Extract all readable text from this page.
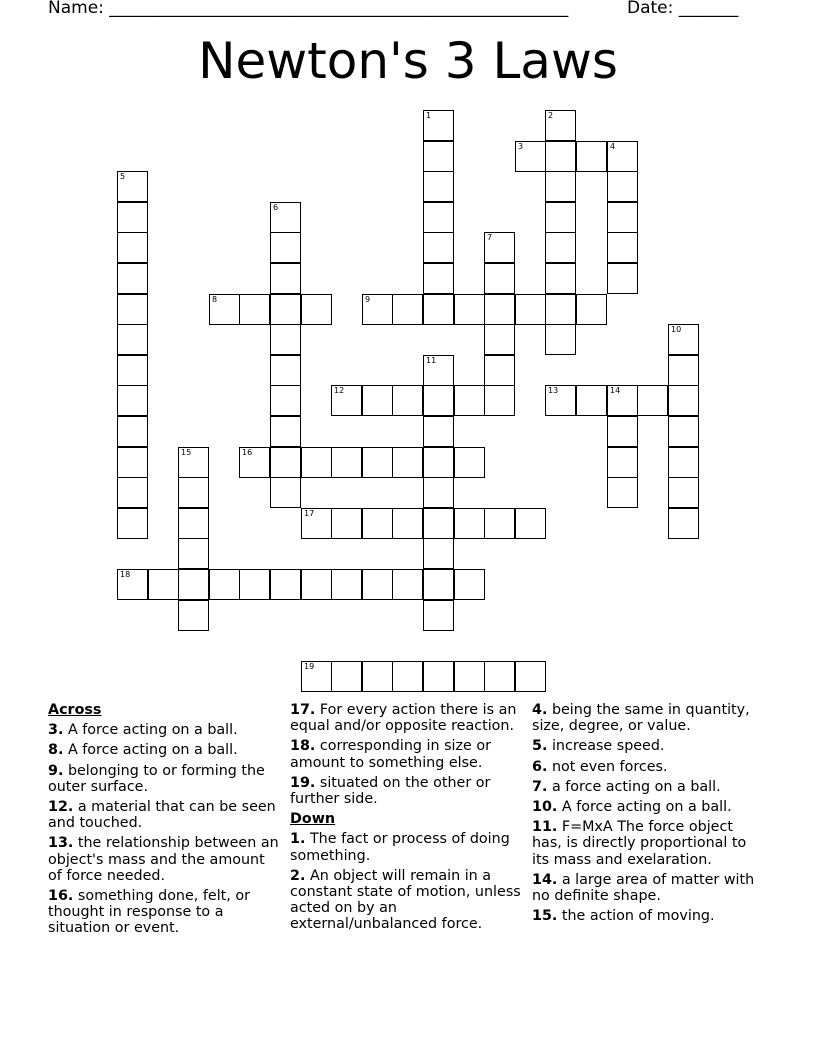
Name: ______________________________________________________	Date: _______
Newton's 3 Laws
1	2
3	4
5
6
7
8	9
10
11
12	13	14
15	16
17
18
19
Across
3. A force acting on a ball.
8. A force acting on a ball.
9. belonging to or forming the outer surface.
12. a material that can be seen and touched.
13. the relationship between an object's mass and the amount of force needed.
16. something done, felt, or thought in response to a situation or event.
17. For every action there is an equal and/or opposite reaction.
18. corresponding in size or amount to something else.
19. situated on the other or further side.
Down
1. The fact or process of doing something.
2. An object will remain in a constant state of motion, unless acted on by an external/unbalanced force.
4. being the same in quantity, size, degree, or value.
5. increase speed.
6. not even forces.
7. a force acting on a ball.
10. A force acting on a ball.
11. F=MxA The force object has, is directly proportional to its mass and exelaration.
14. a large area of matter with no definite shape.
15. the action of moving.
